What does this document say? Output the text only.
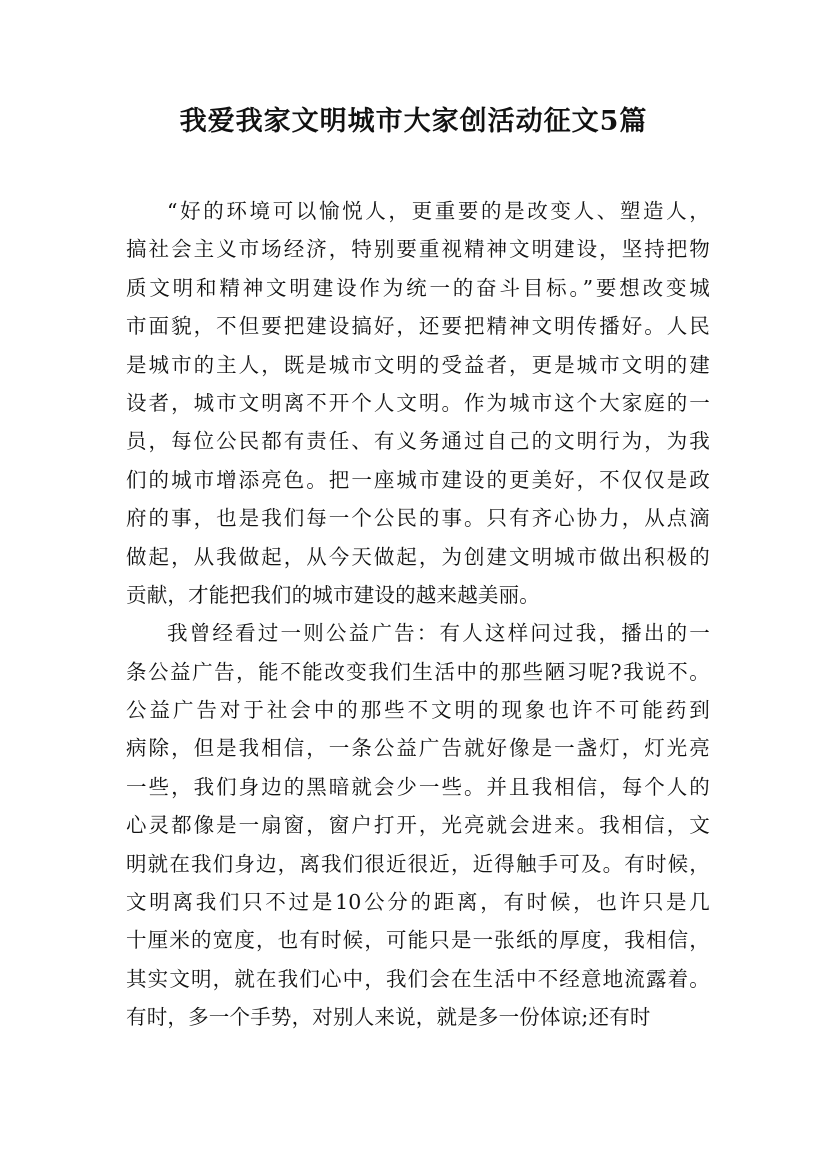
我爱我家文明城市大家创活动征文5篇
“好的环境可以愉悦人，更重要的是改变人、塑造人，
搞社会主义市场经济，特别要重视精神文明建设，坚持把物
质文明和精神文明建设作为统一的奋斗目标。”要想改变城
市面貌，不但要把建设搞好，还要把精神文明传播好。人民
是城市的主人，既是城市文明的受益者，更是城市文明的建
设者，城市文明离不开个人文明。作为城市这个大家庭的一
员，每位公民都有责任、有义务通过自己的文明行为，为我
们的城市增添亮色。把一座城市建设的更美好，不仅仅是政
府的事，也是我们每一个公民的事。只有齐心协力，从点滴
做起，从我做起，从今天做起，为创建文明城市做出积极的
贡献，才能把我们的城市建设的越来越美丽。
我曾经看过一则公益广告：有人这样问过我，播出的一
条公益广告，能不能改变我们生活中的那些陋习呢?我说不。
公益广告对于社会中的那些不文明的现象也许不可能药到
病除，但是我相信，一条公益广告就好像是一盏灯，灯光亮
一些，我们身边的黑暗就会少一些。并且我相信，每个人的
心灵都像是一扇窗，窗户打开，光亮就会进来。我相信，文
明就在我们身边，离我们很近很近，近得触手可及。有时候，
文明离我们只不过是10公分的距离，有时候，也许只是几
十厘米的宽度，也有时候，可能只是一张纸的厚度，我相信，
其实文明，就在我们心中，我们会在生活中不经意地流露着。
有时，多一个手势，对别人来说，就是多一份体谅;还有时
